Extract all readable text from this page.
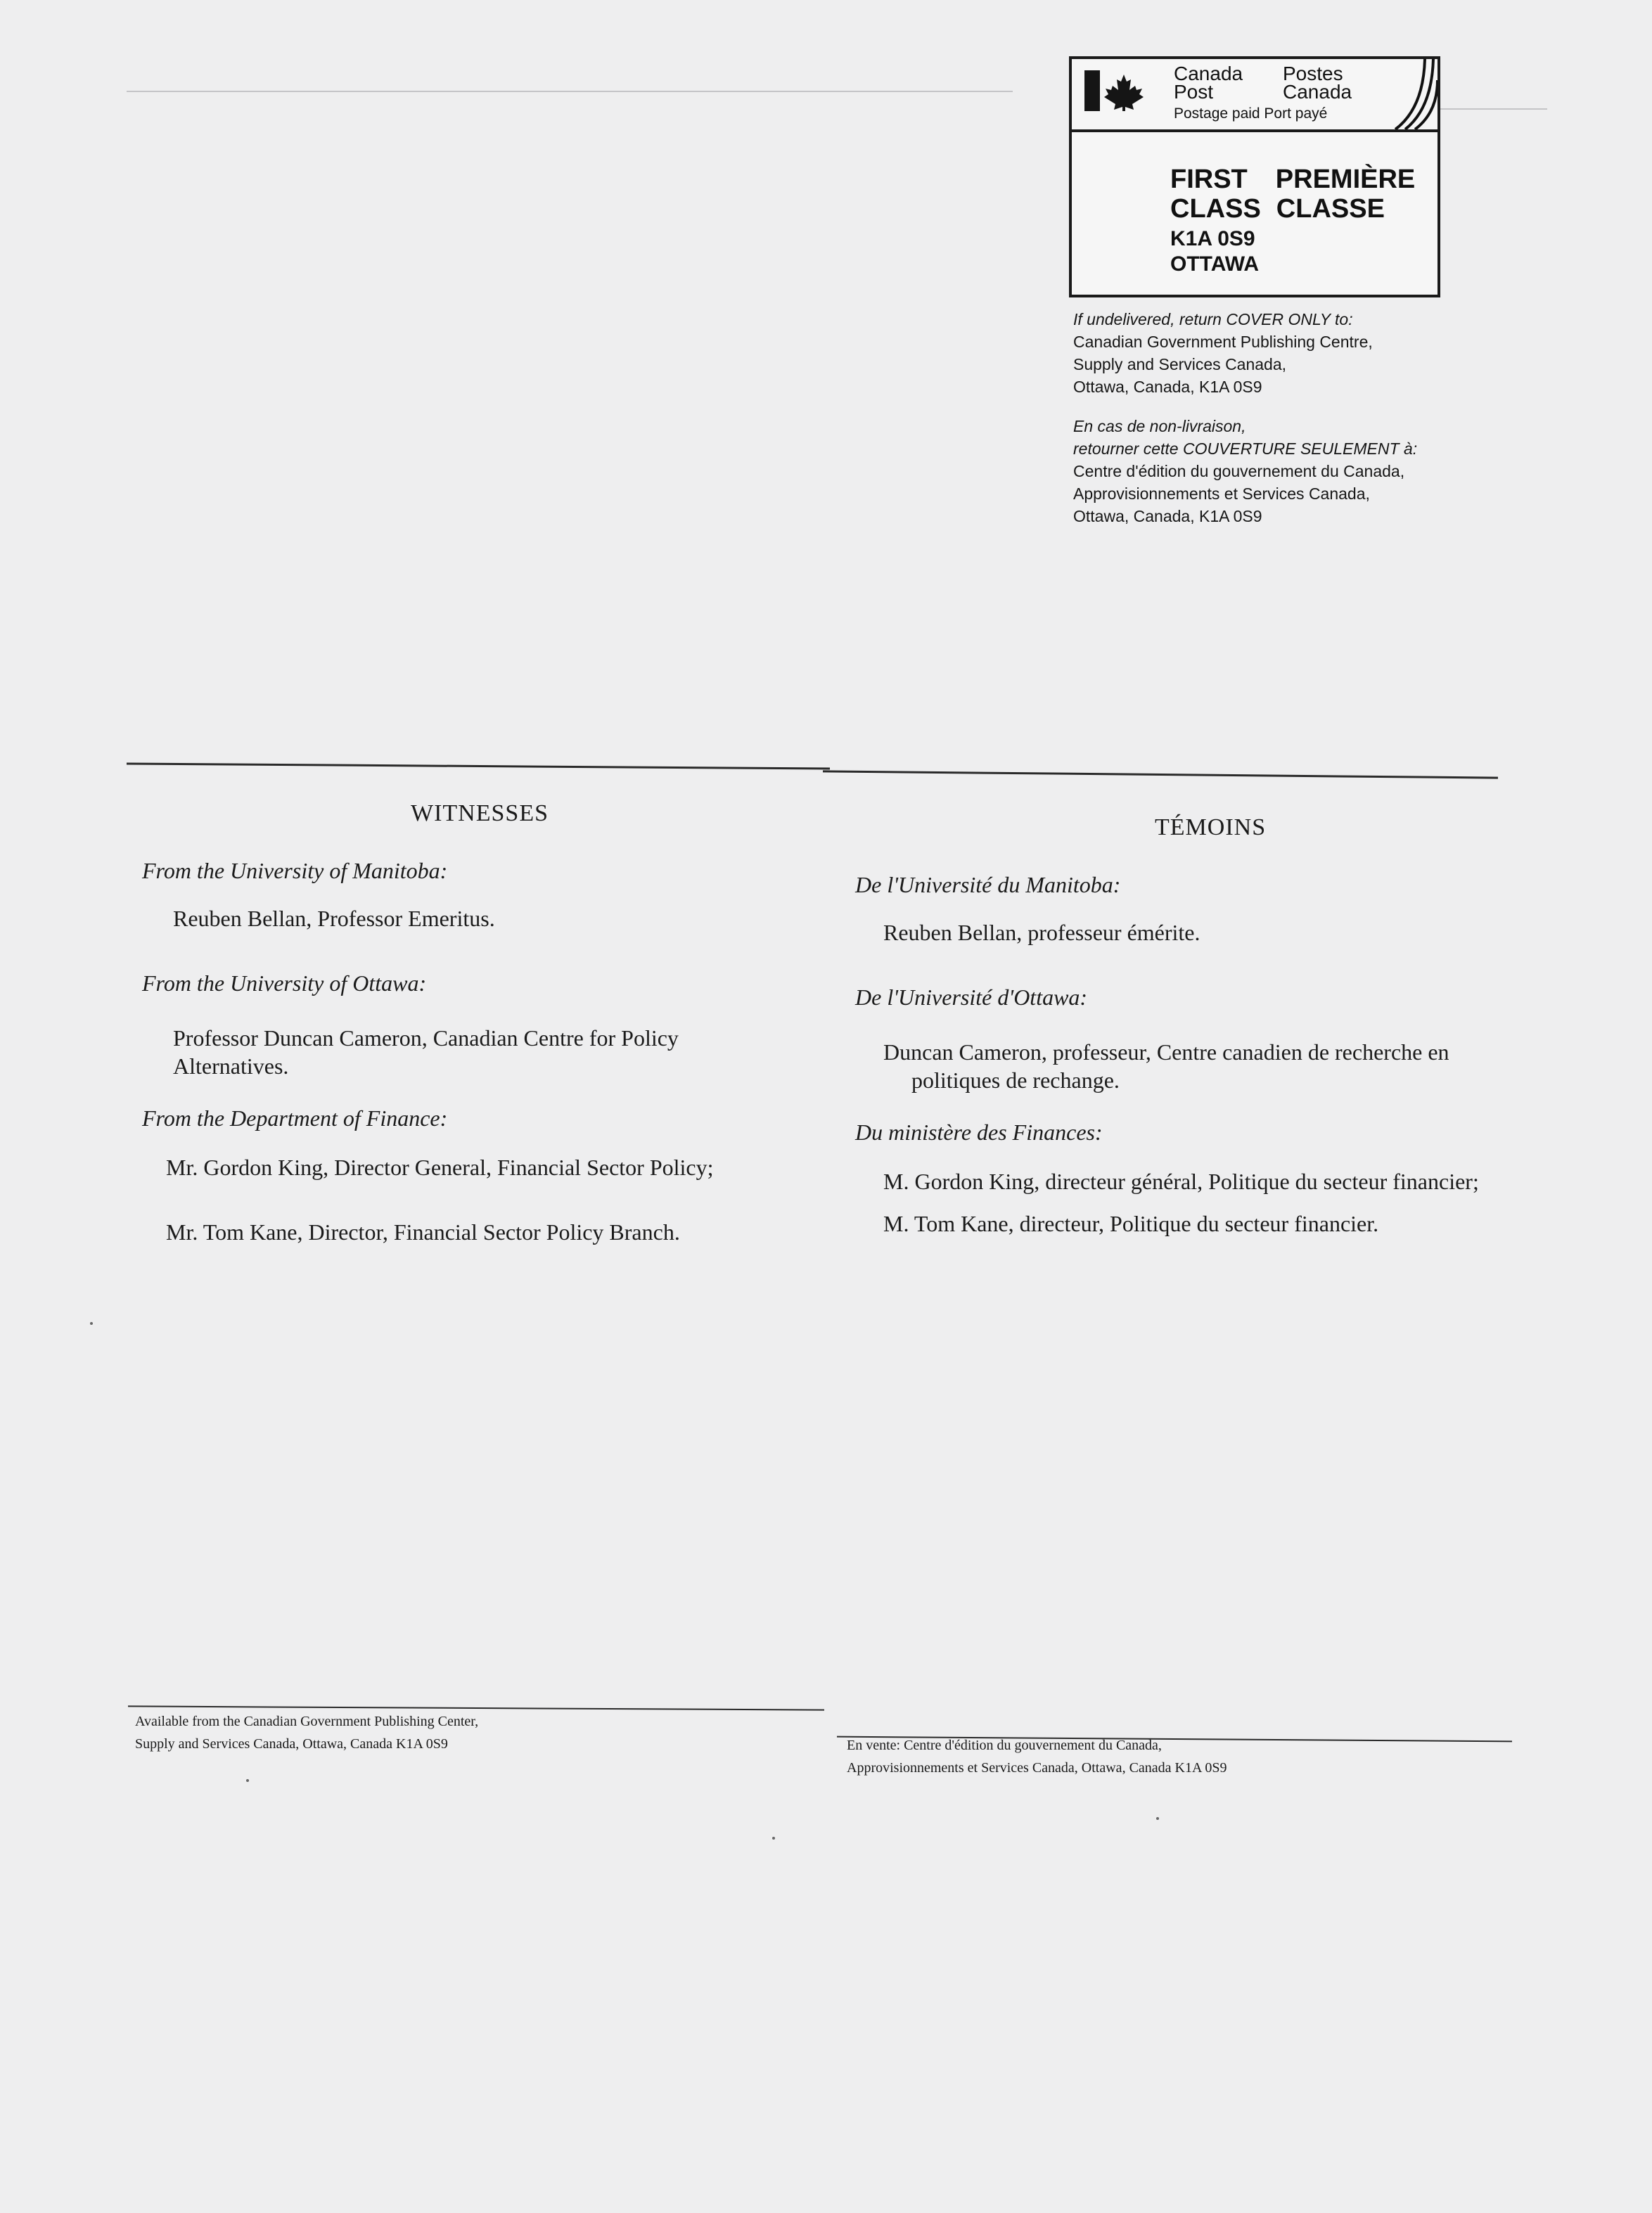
Canada
Post
Postes
Canada
Postage paid Port payé
FIRST PREMIÈRE
CLASS CLASSE
K1A 0S9
OTTAWA
If undelivered, return COVER ONLY to:
Canadian Government Publishing Centre,
Supply and Services Canada,
Ottawa, Canada, K1A 0S9
En cas de non-livraison,
retourner cette COUVERTURE SEULEMENT à:
Centre d'édition du gouvernement du Canada,
Approvisionnements et Services Canada,
Ottawa, Canada, K1A 0S9
WITNESSES

From the University of Manitoba:

Reuben Bellan, Professor Emeritus.

From the University of Ottawa:

Professor Duncan Cameron, Canadian Centre for Policy Alternatives.

From the Department of Finance:

Mr. Gordon King, Director General, Financial Sector Policy;

Mr. Tom Kane, Director, Financial Sector Policy Branch.

TÉMOINS

De l'Université du Manitoba:

Reuben Bellan, professeur émérite.

De l'Université d'Ottawa:

Duncan Cameron, professeur, Centre canadien de recherche en politiques de rechange.

Du ministère des Finances:

M. Gordon King, directeur général, Politique du secteur financier;

M. Tom Kane, directeur, Politique du secteur financier.

Available from the Canadian Government Publishing Center,
Supply and Services Canada, Ottawa, Canada K1A 0S9	En vente: Centre d'édition du gouvernement du Canada,
Approvisionnements et Services Canada, Ottawa, Canada K1A 0S9
